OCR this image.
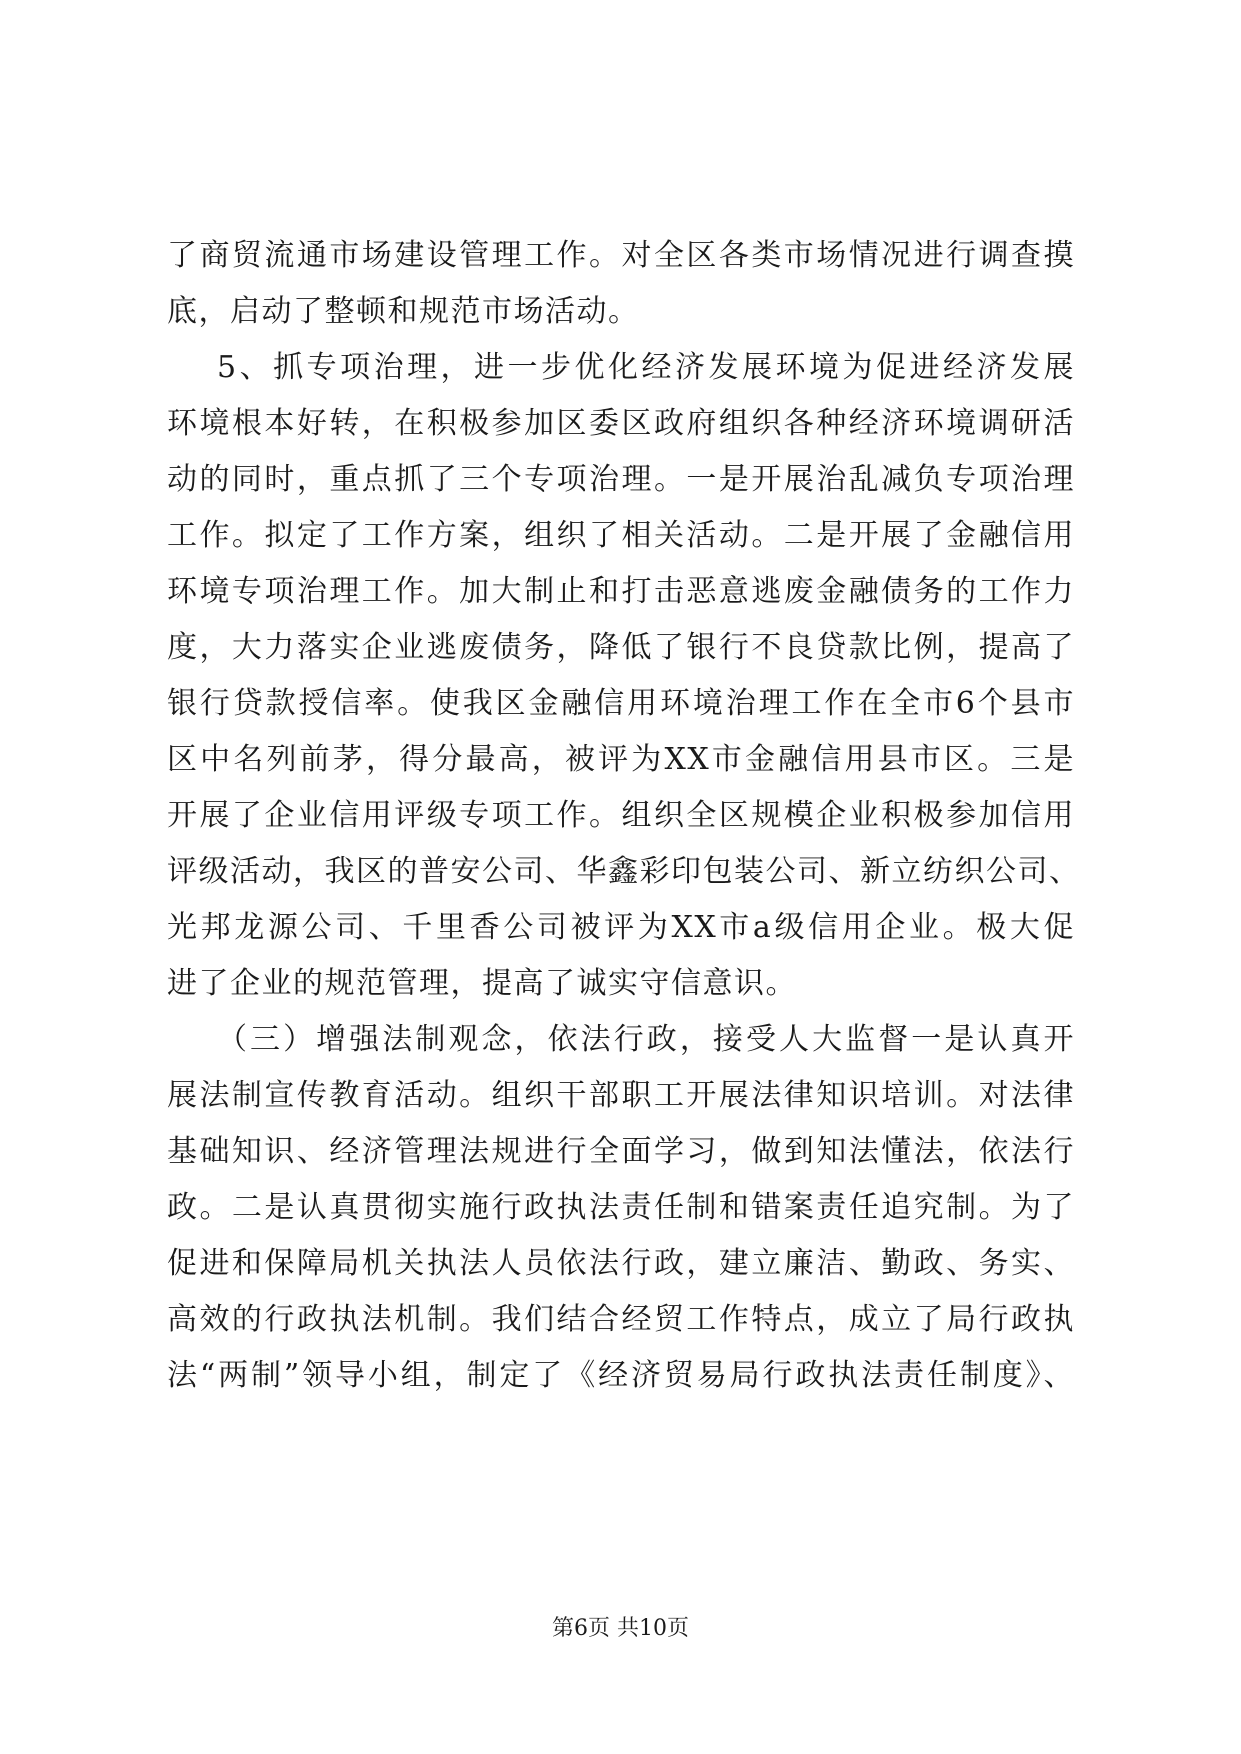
了商贸流通市场建设管理工作。对全区各类市场情况进行调查摸
底，启动了整顿和规范市场活动。
5、抓专项治理，进一步优化经济发展环境为促进经济发展
环境根本好转，在积极参加区委区政府组织各种经济环境调研活
动的同时，重点抓了三个专项治理。一是开展治乱减负专项治理
工作。拟定了工作方案，组织了相关活动。二是开展了金融信用
环境专项治理工作。加大制止和打击恶意逃废金融债务的工作力
度，大力落实企业逃废债务，降低了银行不良贷款比例，提高了
银行贷款授信率。使我区金融信用环境治理工作在全市6个县市
区中名列前茅，得分最高，被评为XX市金融信用县市区。三是
开展了企业信用评级专项工作。组织全区规模企业积极参加信用
评级活动，我区的普安公司、华鑫彩印包装公司、新立纺织公司、
光邦龙源公司、千里香公司被评为XX市a级信用企业。极大促
进了企业的规范管理，提高了诚实守信意识。
（三）增强法制观念，依法行政，接受人大监督一是认真开
展法制宣传教育活动。组织干部职工开展法律知识培训。对法律
基础知识、经济管理法规进行全面学习，做到知法懂法，依法行
政。二是认真贯彻实施行政执法责任制和错案责任追究制。为了
促进和保障局机关执法人员依法行政，建立廉洁、勤政、务实、
高效的行政执法机制。我们结合经贸工作特点，成立了局行政执
法“两制”领导小组，制定了《经济贸易局行政执法责任制度》、
第6页 共10页
